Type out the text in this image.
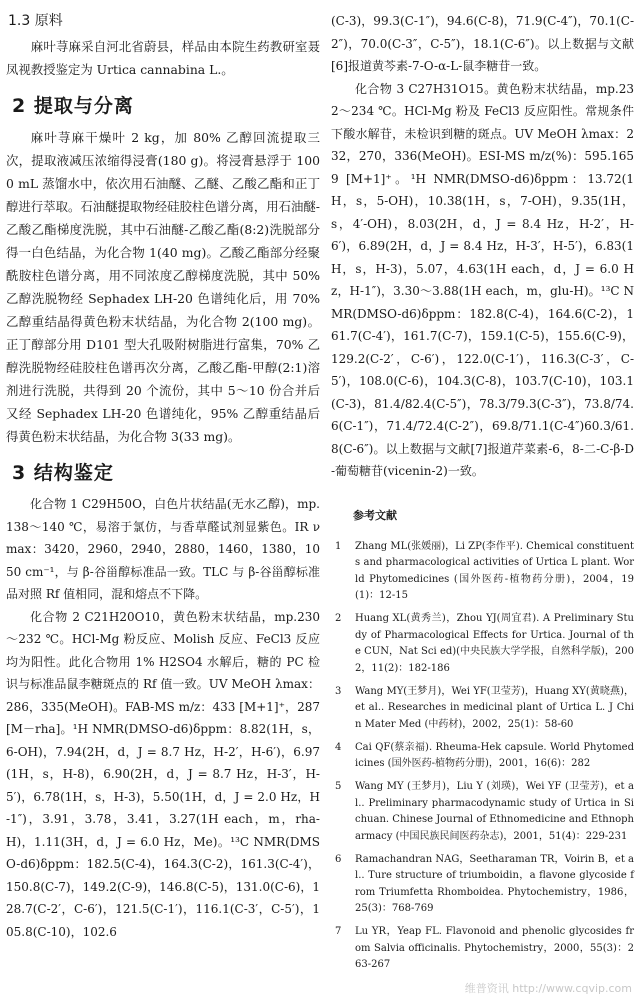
1.3 原料

麻叶荨麻采自河北省蔚县，样品由本院生药教研室聂凤视教授鉴定为 Urtica cannabina L.。

2 提取与分离

麻叶荨麻干燥叶 2 kg，加 80% 乙醇回流提取三次，提取液减压浓缩得浸膏(180 g)。将浸膏悬浮于 1000 mL 蒸馏水中，依次用石油醚、乙醚、乙酸乙酯和正丁醇进行萃取。石油醚提取物经硅胶柱色谱分离，用石油醚-乙酸乙酯梯度洗脱，其中石油醚-乙酸乙酯(8:2)洗脱部分得一白色结晶，为化合物 1(40 mg)。乙酸乙酯部分经聚酰胺柱色谱分离，用不同浓度乙醇梯度洗脱，其中 50% 乙醇洗脱物经 Sephadex LH-20 色谱纯化后，用 70% 乙醇重结晶得黄色粉末状结晶，为化合物 2(100 mg)。正丁醇部分用 D101 型大孔吸附树脂进行富集，70% 乙醇洗脱物经硅胶柱色谱再次分离，乙酸乙酯-甲醇(2:1)溶剂进行洗脱，共得到 20 个流份，其中 5～10 份合并后又经 Sephadex LH-20 色谱纯化，95% 乙醇重结晶后得黄色粉末状结晶，为化合物 3(33 mg)。

3 结构鉴定

化合物 1 C29H50O，白色片状结晶(无水乙醇)，mp.138～140 ℃，易溶于氯仿，与香草醛试剂显紫色。IR νmax：3420，2960，2940，2880，1460，1380，1050 cm⁻¹，与 β-谷甾醇标准品一致。TLC 与 β-谷甾醇标准品对照 Rf 值相同，混和熔点不下降。

化合物 2 C21H20O10，黄色粉末状结晶，mp.230～232 ℃。HCl-Mg 粉反应、Molish 反应、FeCl3 反应均为阳性。此化合物用 1% H2SO4 水解后，糖的 PC 检识与标准品鼠李糖斑点的 Rf 值一致。UV MeOH λmax：286，335(MeOH)。FAB-MS m/z：433 [M+1]⁺，287 [M－rha]。¹H NMR(DMSO-d6)δppm：8.82(1H，s，6-OH)，7.94(2H，d，J = 8.7 Hz，H-2′，H-6′)，6.97(1H，s，H-8)，6.90(2H，d，J = 8.7 Hz，H-3′，H-5′)，6.78(1H，s，H-3)，5.50(1H，d，J = 2.0 Hz，H-1″)，3.91，3.78，3.41，3.27(1H each，m，rha-H)，1.11(3H，d，J = 6.0 Hz，Me)。¹³C NMR(DMSO-d6)δppm：182.5(C-4)，164.3(C-2)，161.3(C-4′)，150.8(C-7)，149.2(C-9)，146.8(C-5)，131.0(C-6)，128.7(C-2′，C-6′)，121.5(C-1′)，116.1(C-3′，C-5′)，105.8(C-10)，102.6

(C-3)，99.3(C-1″)，94.6(C-8)，71.9(C-4″)，70.1(C-2″)，70.0(C-3″，C-5″)，18.1(C-6″)。以上数据与文献[6]报道黄芩素-7-O-α-L-鼠李糖苷一致。

化合物 3 C27H31O15。黄色粉末状结晶，mp.232～234 ℃。HCl-Mg 粉及 FeCl3 反应阳性。常规条件下酸水解苷，未检识到糖的斑点。UV MeOH λmax：232，270，336(MeOH)。ESI-MS m/z(%)：595.1659 [M+1]⁺。¹H NMR(DMSO-d6)δppm：13.72(1H，s，5-OH)，10.38(1H，s，7-OH)，9.35(1H，s，4′-OH)，8.03(2H，d，J = 8.4 Hz，H-2′，H-6′)，6.89(2H，d，J = 8.4 Hz，H-3′，H-5′)，6.83(1H，s，H-3)，5.07，4.63(1H each，d，J = 6.0 Hz，H-1″)，3.30～3.88(1H each，m，glu-H)。¹³C NMR(DMSO-d6)δppm：182.8(C-4)，164.6(C-2)，161.7(C-4′)，161.7(C-7)，159.1(C-5)，155.6(C-9)，129.2(C-2′，C-6′)，122.0(C-1′)，116.3(C-3′，C-5′)，108.0(C-6)，104.3(C-8)，103.7(C-10)，103.1(C-3)，81.4/82.4(C-5″)，78.3/79.3(C-3″)，73.8/74.6(C-1″)，71.4/72.4(C-2″)，69.8/71.1(C-4″)60.3/61.8(C-6″)。以上数据与文献[7]报道芹菜素-6，8-二-C-β-D-葡萄糖苷(vicenin-2)一致。

参考文献
1	Zhang ML(张媛丽)，Li ZP(李作平). Chemical constituents and pharmacological activities of Urtica L plant. World Phytomedicines (国外医药-植物药分册)，2004，19(1)：12-15
2	Huang XL(黄秀兰)，Zhou YJ(周宜君). A Preliminary Study of Pharmacological Effects for Urtica. Journal of the CUN，Nat Sci ed)(中央民族大学学报，自然科学版)，2002，11(2)：182-186
3	Wang MY(王梦月)，Wei YF(卫莹芳)，Huang XY(黄晓燕)，et al.. Researches in medicinal plant of Urtica L. J Chin Mater Med (中药材)，2002，25(1)：58-60
4	Cai QF(蔡亲福). Rheuma-Hek capsule. World Phytomedicines (国外医药-植物药分册)，2001，16(6)：282
5	Wang MY (王梦月)，Liu Y (刘瑛)，Wei YF (卫莹芳)，et al.. Preliminary pharmacodynamic study of Urtica in Sichuan. Chinese Journal of Ethnomedicine and Ethnopharmacy (中国民族民间医药杂志)，2001，51(4)：229-231
6	Ramachandran NAG，Seetharaman TR，Voirin B，et al.. Ture structure of triumboidin，a flavone glycoside from Triumfetta Rhomboidea. Phytochemistry，1986，25(3)：768-769
7	Lu YR，Yeap FL. Flavonoid and phenolic glycosides from Salvia officinalis. Phytochemistry，2000，55(3)：263-267
维普资讯 http://www.cqvip.com
